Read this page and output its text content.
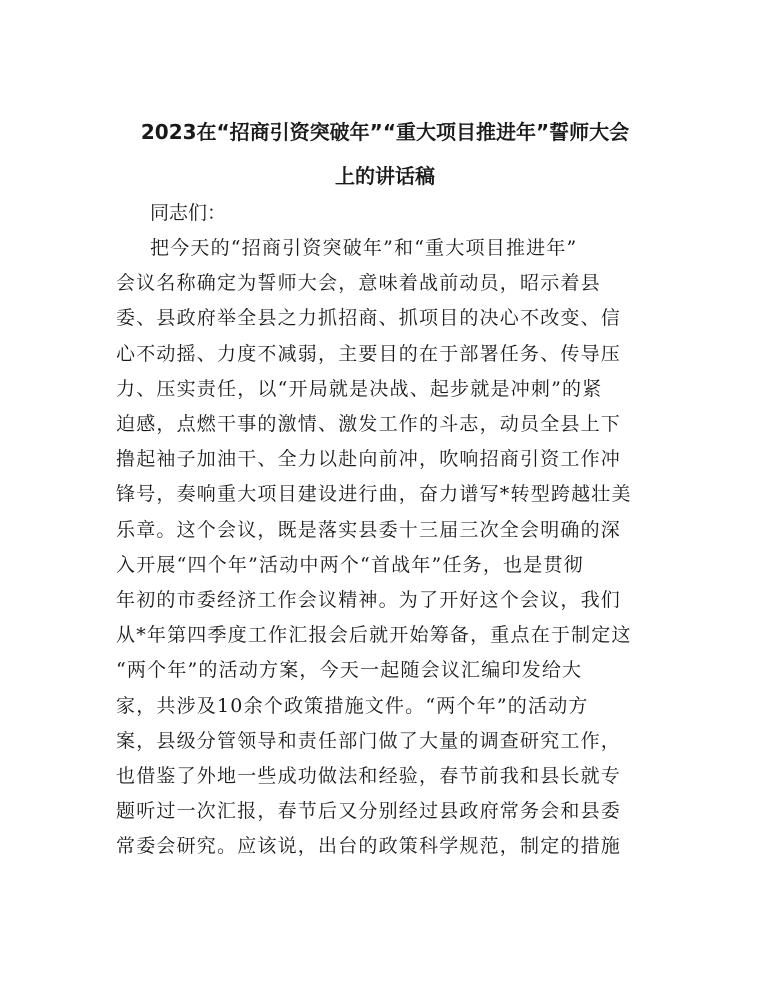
2023在“招商引资突破年”“重大项目推进年”誓师大会
上的讲话稿
同志们：
把今天的“招商引资突破年”和“重大项目推进年”
会议名称确定为誓师大会，意味着战前动员，昭示着县
委、县政府举全县之力抓招商、抓项目的决心不改变、信
心不动摇、力度不减弱，主要目的在于部署任务、传导压
力、压实责任，以“开局就是决战、起步就是冲刺”的紧
迫感，点燃干事的激情、激发工作的斗志，动员全县上下
撸起袖子加油干、全力以赴向前冲，吹响招商引资工作冲
锋号，奏响重大项目建设进行曲，奋力谱写*转型跨越壮美
乐章。这个会议，既是落实县委十三届三次全会明确的深
入开展“四个年”活动中两个“首战年”任务，也是贯彻
年初的市委经济工作会议精神。为了开好这个会议，我们
从*年第四季度工作汇报会后就开始筹备，重点在于制定这
“两个年”的活动方案，今天一起随会议汇编印发给大
家，共涉及10余个政策措施文件。“两个年”的活动方
案，县级分管领导和责任部门做了大量的调查研究工作，
也借鉴了外地一些成功做法和经验，春节前我和县长就专
题听过一次汇报，春节后又分别经过县政府常务会和县委
常委会研究。应该说，出台的政策科学规范，制定的措施
